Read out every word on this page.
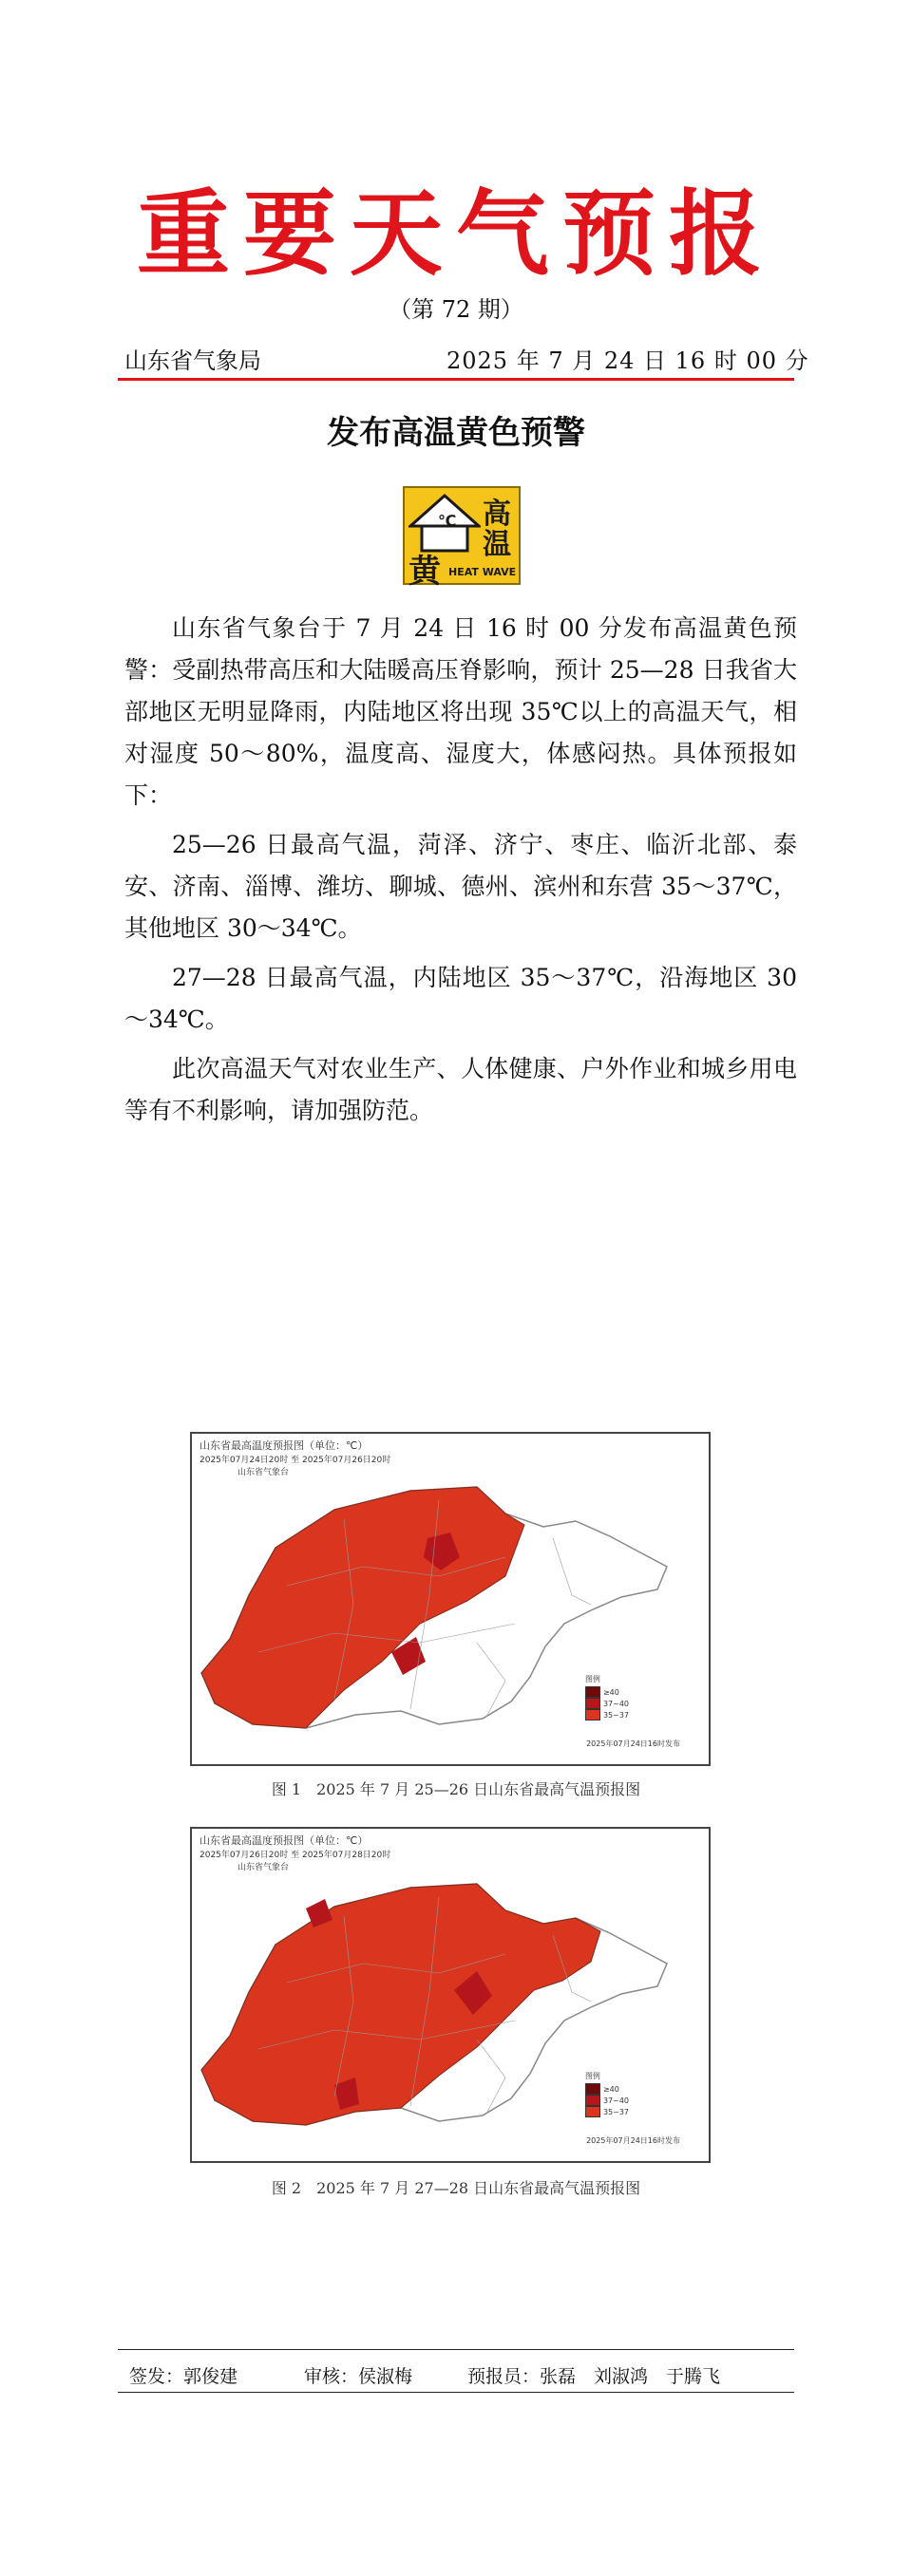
重要天气预报
（第 72 期）
山东省气象局	2025 年 7 月 24 日 16 时 00 分
发布高温黄色预警
℃ 高
温
黄 HEAT WAVE

山东省气象台于 7 月 24 日 16 时 00 分发布高温黄色预警：受副热带高压和大陆暖高压脊影响，预计 25—28 日我省大部地区无明显降雨，内陆地区将出现 35℃以上的高温天气，相对湿度 50～80%，温度高、湿度大，体感闷热。具体预报如下：

25—26 日最高气温，菏泽、济宁、枣庄、临沂北部、泰安、济南、淄博、潍坊、聊城、德州、滨州和东营 35～37℃，其他地区 30～34℃。

27—28 日最高气温，内陆地区 35～37℃，沿海地区 30～34℃。

此次高温天气对农业生产、人体健康、户外作业和城乡用电等有不利影响，请加强防范。

山东省最高温度预报图（单位：℃）
2025年07月24日20时 至 2025年07月26日20时
山东省气象台
图例
≥40
37~40
35~37
2025年07月24日16时发布
图 1　2025 年 7 月 25—26 日山东省最高气温预报图
山东省最高温度预报图（单位：℃）
2025年07月26日20时 至 2025年07月28日20时
山东省气象台
图例
≥40
37~40
35~37
2025年07月24日16时发布
图 2　2025 年 7 月 27—28 日山东省最高气温预报图
签发：郭俊建	审核：侯淑梅	预报员：张磊　刘淑鸿　于腾飞
